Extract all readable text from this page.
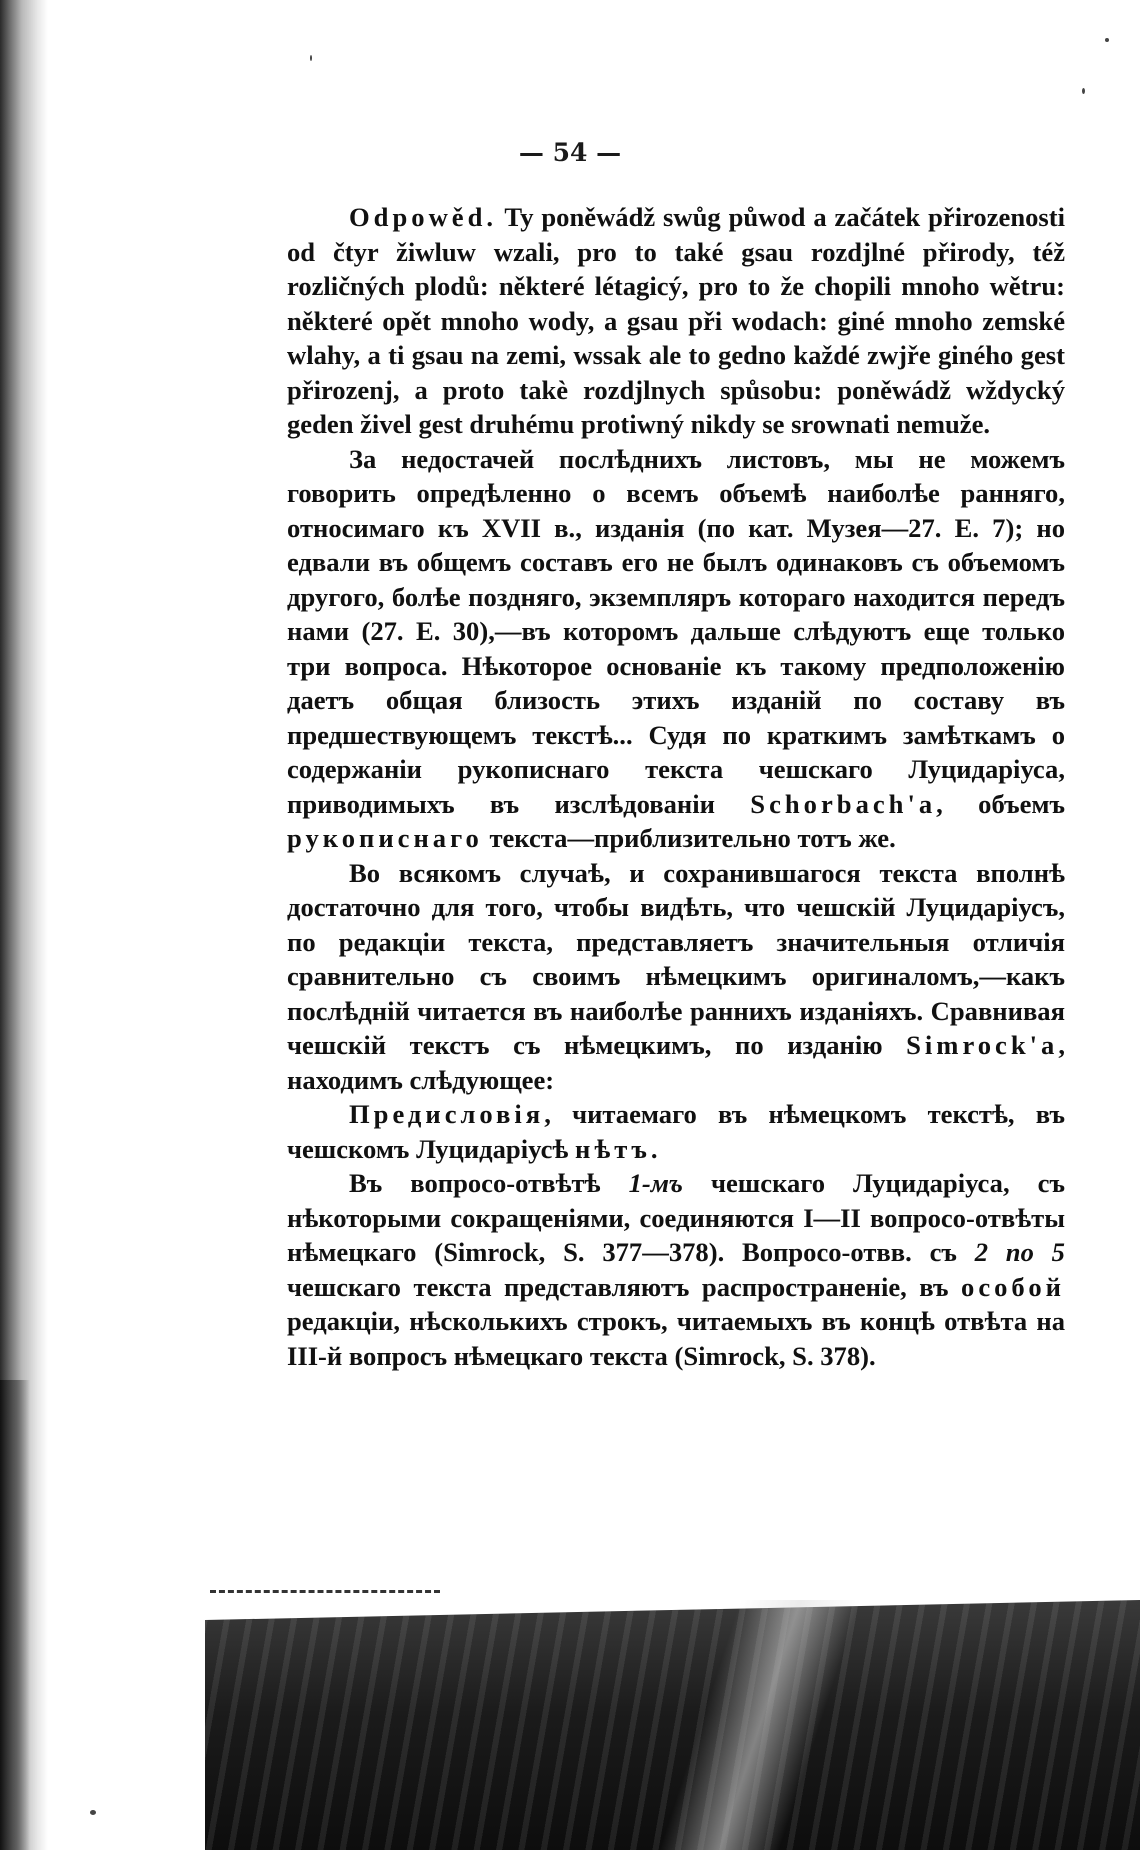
— 54 —

Odpowěd. Ty poněwádž swůg půwod a začátek přirozenosti od čtyr žiwluw wzali, pro to také gsau rozdjlné přirody, též rozličných plodů: některé létagicý, pro to že chopili mnoho wětru: některé opět mnoho wody, a gsau při wodach: giné mnoho zemské wlahy, a ti gsau na zemi, wssak ale to gedno každé zwjře giného gest přirozenj, a proto takè rozdjlnych spůsobu: poněwádž wždycký geden živel gest druhému protiwný nikdy se srownati nemuže.

За недостачей послѣднихъ листовъ, мы не можемъ говорить опредѣленно о всемъ объемѣ наиболѣе ранняго, относимаго къ XVII в., изданія (по кат. Музея—27. Е. 7); но едвали въ общемъ составъ его не былъ одинаковъ съ объемомъ другого, болѣе поздняго, экземпляръ котораго находится передъ нами (27. Е. 30),—въ которомъ дальше слѣдуютъ еще только три вопроса. Нѣкоторое основаніе къ такому предположенію даетъ общая близость этихъ изданій по составу въ предшествующемъ текстѣ... Судя по краткимъ замѣткамъ о содержаніи рукописнаго текста чешскаго Луцидаріуса, приводимыхъ въ изслѣдованіи Schorbach'a, объемъ рукописнаго текста—приблизительно тотъ же.

Во всякомъ случаѣ, и сохранившагося текста вполнѣ достаточно для того, чтобы видѣть, что чешскій Луцидаріусъ, по редакціи текста, представляетъ значительныя отличія сравнительно съ своимъ нѣмецкимъ оригиналомъ,—какъ послѣдній читается въ наиболѣе раннихъ изданіяхъ. Сравнивая чешскій текстъ съ нѣмецкимъ, по изданію Simrock'a, находимъ слѣдующее:

Предисловія, читаемаго въ нѣмецкомъ текстѣ, въ чешскомъ Луцидаріусѣ нѣтъ.

Въ вопросо-отвѣтѣ 1-мъ чешскаго Луцидаріуса, съ нѣкоторыми сокращеніями, соединяются I—II вопросо-отвѣты нѣмецкаго (Simrock, S. 377—378). Вопросо-отвв. съ 2 по 5 чешскаго текста представляютъ распространеніе, въ особой редакціи, нѣсколькихъ строкъ, читаемыхъ въ концѣ отвѣта на III-й вопросъ нѣмецкаго текста (Simrock, S. 378).
